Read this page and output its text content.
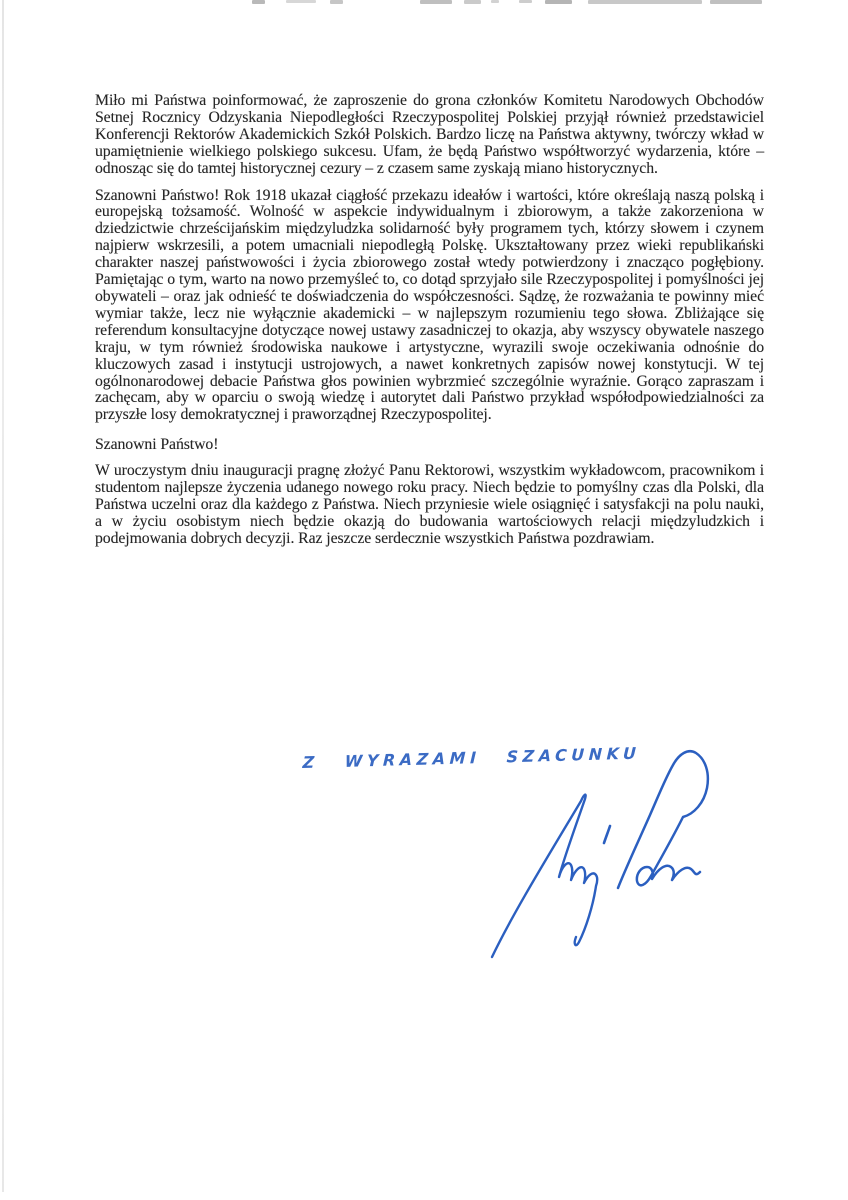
Miło mi Państwa poinformować, że zaproszenie do grona członków Komitetu Narodowych Obchodów Setnej Rocznicy Odzyskania Niepodległości Rzeczypospolitej Polskiej przyjął również przedstawiciel Konferencji Rektorów Akademickich Szkół Polskich. Bardzo liczę na Państwa aktywny, twórczy wkład w upamiętnienie wielkiego polskiego sukcesu. Ufam, że będą Państwo współtworzyć wydarzenia, które – odnosząc się do tamtej historycznej cezury – z czasem same zyskają miano historycznych.

Szanowni Państwo! Rok 1918 ukazał ciągłość przekazu ideałów i wartości, które określają naszą polską i europejską tożsamość. Wolność w aspekcie indywidualnym i zbiorowym, a także zakorzeniona w dziedzictwie chrześcijańskim międzyludzka solidarność były programem tych, którzy słowem i czynem najpierw wskrzesili, a potem umacniali niepodległą Polskę. Ukształtowany przez wieki republikański charakter naszej państwowości i życia zbiorowego został wtedy potwierdzony i znacząco pogłębiony. Pamiętając o tym, warto na nowo przemyśleć to, co dotąd sprzyjało sile Rzeczypospolitej i pomyślności jej obywateli – oraz jak odnieść te doświadczenia do współczesności. Sądzę, że rozważania te powinny mieć wymiar także, lecz nie wyłącznie akademicki – w najlepszym rozumieniu tego słowa. Zbliżające się referendum konsultacyjne dotyczące nowej ustawy zasadniczej to okazja, aby wszyscy obywatele naszego kraju, w tym również środowiska naukowe i artystyczne, wyrazili swoje oczekiwania odnośnie do kluczowych zasad i instytucji ustrojowych, a nawet konkretnych zapisów nowej konstytucji. W tej ogólnonarodowej debacie Państwa głos powinien wybrzmieć szczególnie wyraźnie. Gorąco zapraszam i zachęcam, aby w oparciu o swoją wiedzę i autorytet dali Państwo przykład współodpowiedzialności za przyszłe losy demokratycznej i praworządnej Rzeczypospolitej.

Szanowni Państwo!

W uroczystym dniu inauguracji pragnę złożyć Panu Rektorowi, wszystkim wykładowcom, pracownikom i studentom najlepsze życzenia udanego nowego roku pracy. Niech będzie to pomyślny czas dla Polski, dla Państwa uczelni oraz dla każdego z Państwa. Niech przyniesie wiele osiągnięć i satysfakcji na polu nauki, a w życiu osobistym niech będzie okazją do budowania wartościowych relacji międzyludzkich i podejmowania dobrych decyzji. Raz jeszcze serdecznie wszystkich Państwa pozdrawiam.

Z WYRAZAMI SZACUNKU
